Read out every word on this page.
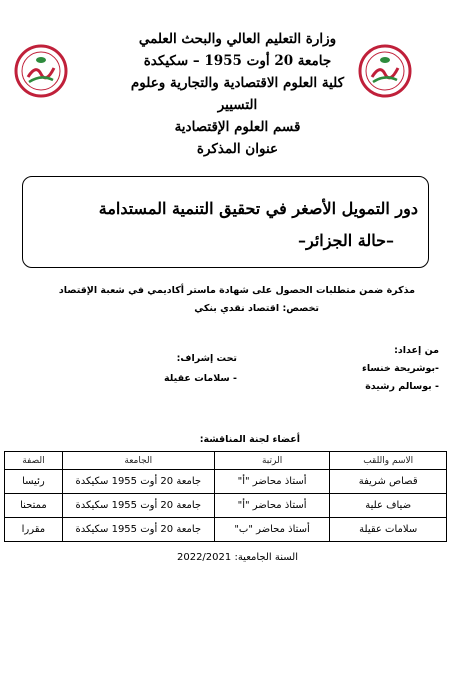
وزارة التعليم العالي والبحث العلمي
جامعة 20 أوت 1955 – سكيكدة
كلية العلوم الاقتصادية والتجارية وعلوم التسيير
قسم العلوم الإقتصادية
عنوان المذكرة
دور التمويل الأصغر في تحقيق التنمية المستدامة
–حالة الجزائر–
مذكرة ضمن متطلبات الحصول على شهادة ماستر أكاديمي في شعبة الإقتصاد
تخصص: اقتصاد نقدي بنكي
من إعداد:
-بوشريحة خنساء
- بوسالم رشيدة
تحت إشراف:
- سلامات عقيلة
أعضاء لجنة المناقشة:
الاسم واللقب	الرتبة	الجامعة	الصفة
قصاص شريفة	أستاذ محاضر "أ"	جامعة 20 أوت 1955 سكيكدة	رئيسا
ضياف علية	أستاذ محاضر "أ"	جامعة 20 أوت 1955 سكيكدة	ممتحنا
سلامات عقيلة	أستاذ محاضر "ب"	جامعة 20 أوت 1955 سكيكدة	مقررا
السنة الجامعية: 2022/2021
